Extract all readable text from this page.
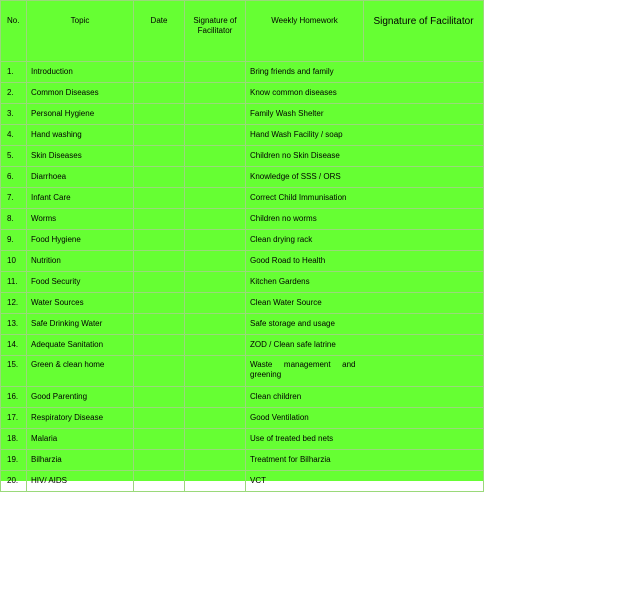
No.	Topic	Date	Signature of Facilitator	Weekly Homework	Signature of Facilitator
1.	Introduction			Bring friends and family	
2.	Common Diseases			Know common diseases	
3.	Personal Hygiene			Family Wash Shelter	
4.	Hand washing			Hand Wash Facility / soap	
5.	Skin Diseases			Children no Skin Disease	
6.	Diarrhoea			Knowledge of SSS / ORS	
7.	Infant Care			Correct Child Immunisation	
8.	Worms			Children no worms	
9.	Food Hygiene			Clean drying rack	
10	Nutrition			Good Road to Health	
11.	Food Security			Kitchen Gardens	
12.	Water Sources			Clean Water Source	
13.	Safe Drinking Water			Safe storage and usage	
14.	Adequate Sanitation			ZOD / Clean safe latrine	
15.	Green & clean home			Waste management and greening	
16.	Good Parenting			Clean children	
17.	Respiratory Disease			Good Ventilation	
18.	Malaria			Use of treated bed nets	
19.	Bilharzia			Treatment for Bilharzia	
20.	HIV/ AIDS			VCT	
